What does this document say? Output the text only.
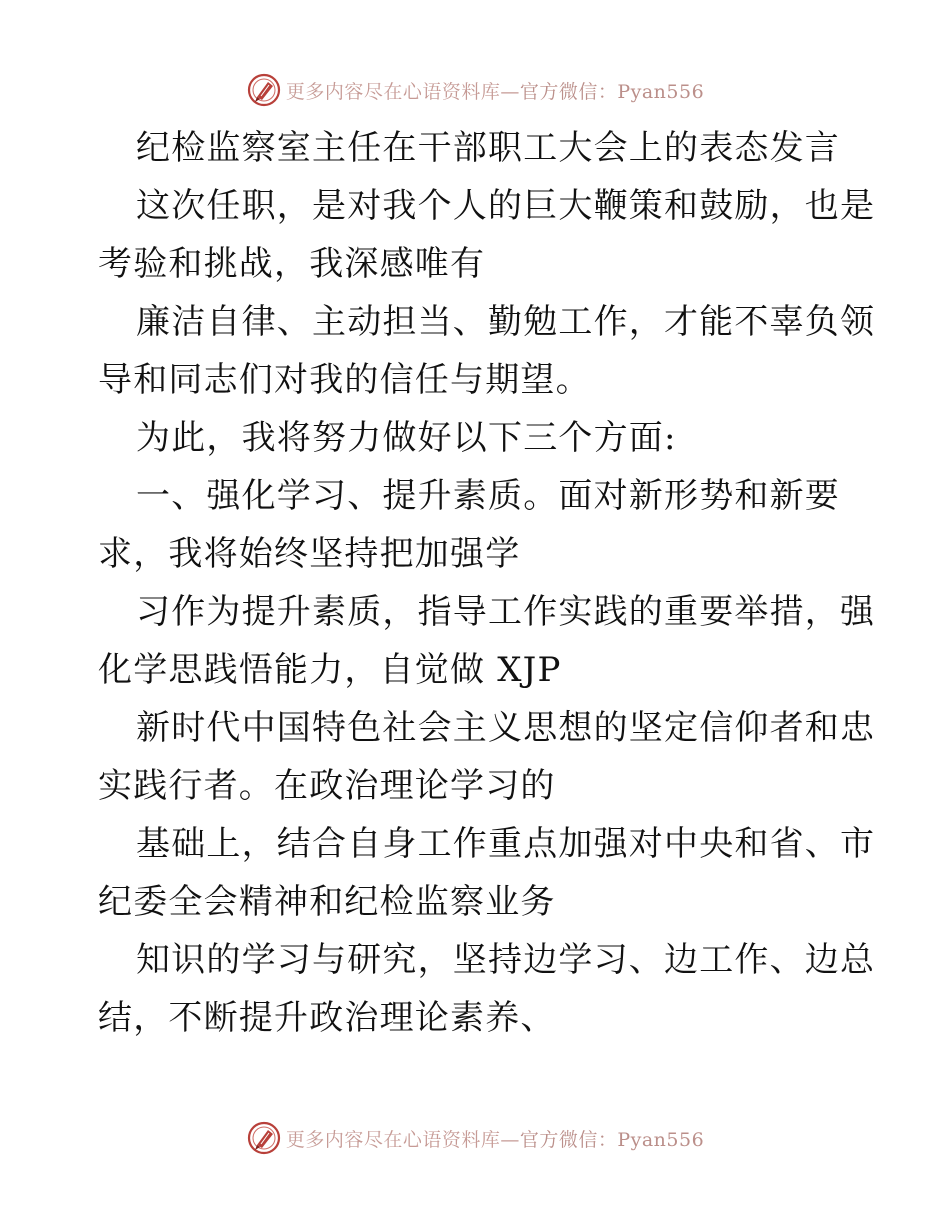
更多内容尽在心语资料库—官方微信：Pyan556
纪检监察室主任在干部职工大会上的表态发言
这次任职，是对我个人的巨大鞭策和鼓励，也是
考验和挑战，我深感唯有
廉洁自律、主动担当、勤勉工作，才能不辜负领
导和同志们对我的信任与期望。
为此，我将努力做好以下三个方面:
一、强化学习、提升素质。面对新形势和新要
求，我将始终坚持把加强学
习作为提升素质，指导工作实践的重要举措，强
化学思践悟能力，自觉做 XJP
新时代中国特色社会主义思想的坚定信仰者和忠
实践行者。在政治理论学习的
基础上，结合自身工作重点加强对中央和省、市
纪委全会精神和纪检监察业务
知识的学习与研究，坚持边学习、边工作、边总
结，不断提升政治理论素养、
更多内容尽在心语资料库—官方微信：Pyan556
